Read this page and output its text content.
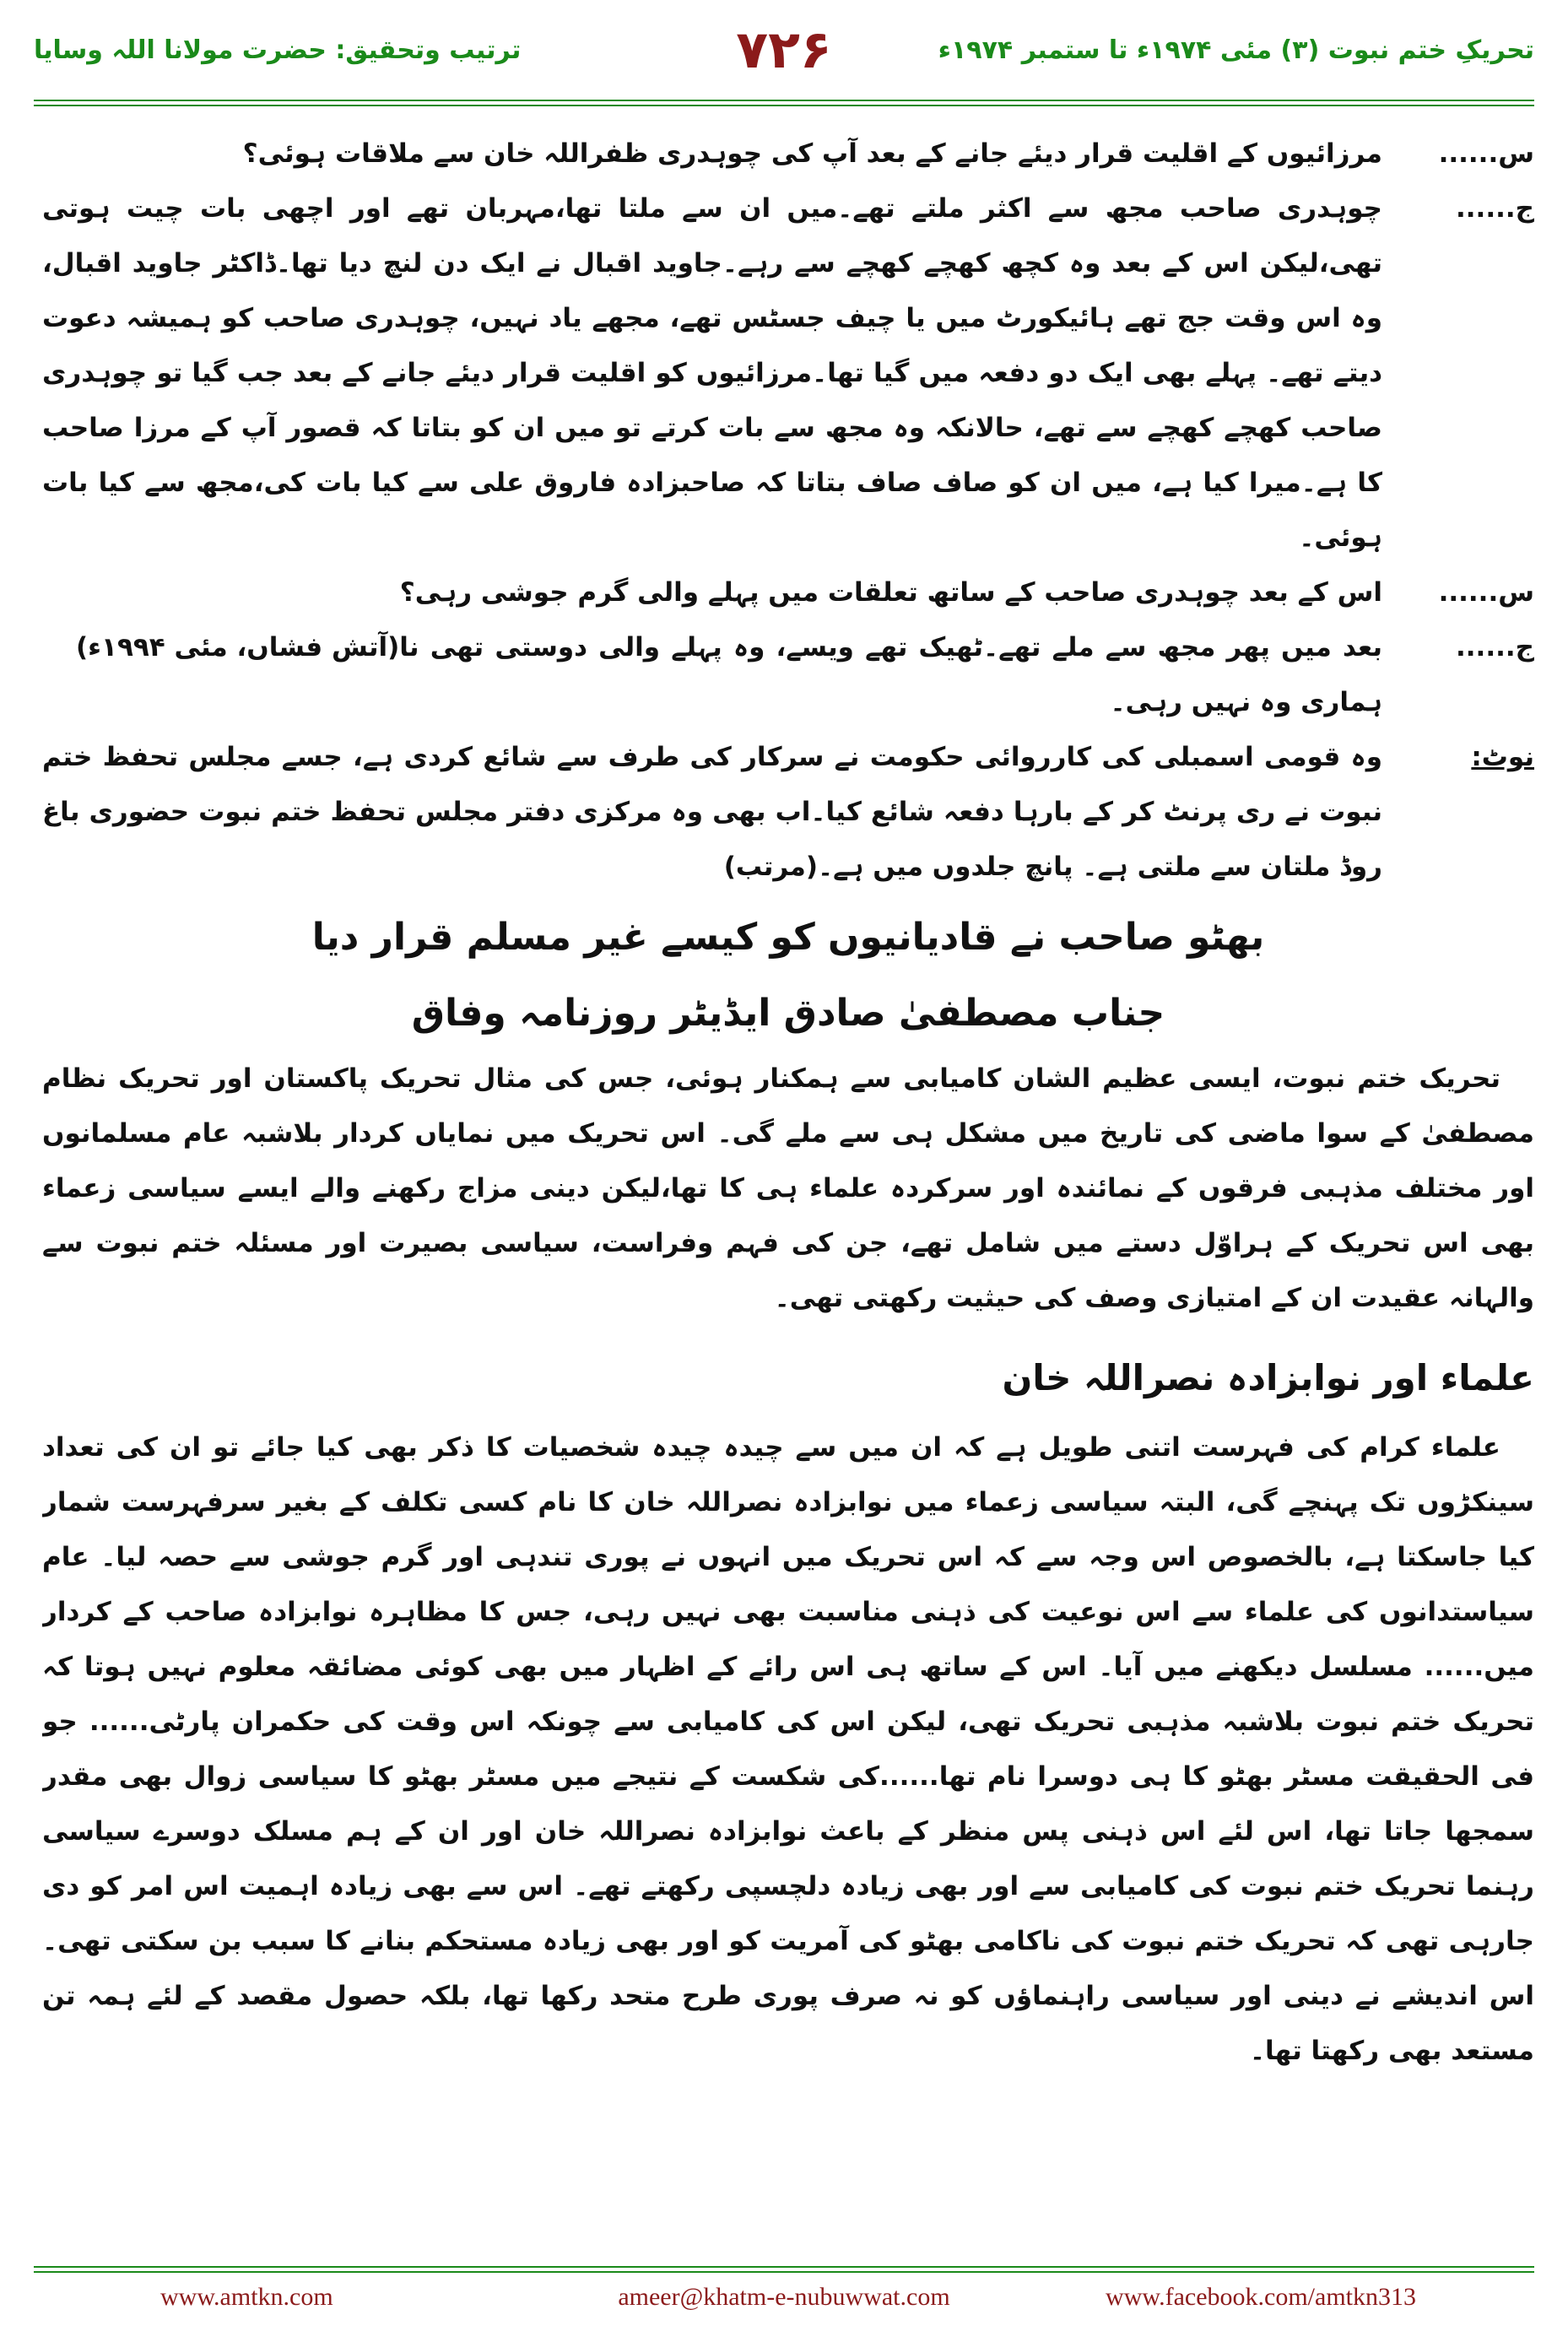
تحریکِ ختم نبوت (۳) مئی ۱۹۷۴ء تا ستمبر ۱۹۷۴ء
۷۲۶
ترتیب وتحقیق: حضرت مولانا اللہ وسایا
س......
مرزائیوں کے اقلیت قرار دیئے جانے کے بعد آپ کی چوہدری ظفراللہ خان سے ملاقات ہوئی؟
ج......
چوہدری صاحب مجھ سے اکثر ملتے تھے۔میں ان سے ملتا تھا،مہربان تھے اور اچھی بات چیت ہوتی تھی،لیکن اس کے بعد وہ کچھ کھچے کھچے سے رہے۔جاوید اقبال نے ایک دن لنچ دیا تھا۔ڈاکٹر جاوید اقبال، وہ اس وقت جج تھے ہائیکورٹ میں یا چیف جسٹس تھے، مجھے یاد نہیں، چوہدری صاحب کو ہمیشہ دعوت دیتے تھے۔ پہلے بھی ایک دو دفعہ میں گیا تھا۔مرزائیوں کو اقلیت قرار دیئے جانے کے بعد جب گیا تو چوہدری صاحب کھچے کھچے سے تھے، حالانکہ وہ مجھ سے بات کرتے تو میں ان کو بتاتا کہ قصور آپ کے مرزا صاحب کا ہے۔میرا کیا ہے، میں ان کو صاف صاف بتاتا کہ صاحبزادہ فاروق علی سے کیا بات کی،مجھ سے کیا بات ہوئی۔
س......
اس کے بعد چوہدری صاحب کے ساتھ تعلقات میں پہلے والی گرم جوشی رہی؟
ج......
بعد میں پھر مجھ سے ملے تھے۔ٹھیک تھے ویسے، وہ پہلے والی دوستی تھی نا ہماری وہ نہیں رہی۔
(آتش فشاں، مئی ۱۹۹۴ء)
نوٹ:
وہ قومی اسمبلی کی کارروائی حکومت نے سرکار کی طرف سے شائع کردی ہے، جسے مجلس تحفظ ختم نبوت نے ری پرنٹ کر کے بارہا دفعہ شائع کیا۔اب بھی وہ مرکزی دفتر مجلس تحفظ ختم نبوت حضوری باغ روڈ ملتان سے ملتی ہے۔ پانچ جلدوں میں ہے۔(مرتب)
بھٹو صاحب نے قادیانیوں کو کیسے غیر مسلم قرار دیا
جناب مصطفیٰ صادق ایڈیٹر روزنامہ وفاق
تحریک ختم نبوت، ایسی عظیم الشان کامیابی سے ہمکنار ہوئی، جس کی مثال تحریک پاکستان اور تحریک نظام مصطفیٰ کے سوا ماضی کی تاریخ میں مشکل ہی سے ملے گی۔ اس تحریک میں نمایاں کردار بلاشبہ عام مسلمانوں اور مختلف مذہبی فرقوں کے نمائندہ اور سرکردہ علماء ہی کا تھا،لیکن دینی مزاج رکھنے والے ایسے سیاسی زعماء بھی اس تحریک کے ہراوّل دستے میں شامل تھے، جن کی فہم وفراست، سیاسی بصیرت اور مسئلہ ختم نبوت سے والہانہ عقیدت ان کے امتیازی وصف کی حیثیت رکھتی تھی۔
علماء اور نوابزادہ نصراللہ خان
علماء کرام کی فہرست اتنی طویل ہے کہ ان میں سے چیدہ چیدہ شخصیات کا ذکر بھی کیا جائے تو ان کی تعداد سینکڑوں تک پہنچے گی، البتہ سیاسی زعماء میں نوابزادہ نصراللہ خان کا نام کسی تکلف کے بغیر سرفہرست شمار کیا جاسکتا ہے، بالخصوص اس وجہ سے کہ اس تحریک میں انہوں نے پوری تندہی اور گرم جوشی سے حصہ لیا۔ عام سیاستدانوں کی علماء سے اس نوعیت کی ذہنی مناسبت بھی نہیں رہی، جس کا مظاہرہ نوابزادہ صاحب کے کردار میں...... مسلسل دیکھنے میں آیا۔ اس کے ساتھ ہی اس رائے کے اظہار میں بھی کوئی مضائقہ معلوم نہیں ہوتا کہ تحریک ختم نبوت بلاشبہ مذہبی تحریک تھی، لیکن اس کی کامیابی سے چونکہ اس وقت کی حکمران پارٹی...... جو فی الحقیقت مسٹر بھٹو کا ہی دوسرا نام تھا......کی شکست کے نتیجے میں مسٹر بھٹو کا سیاسی زوال بھی مقدر سمجھا جاتا تھا، اس لئے اس ذہنی پس منظر کے باعث نوابزادہ نصراللہ خان اور ان کے ہم مسلک دوسرے سیاسی رہنما تحریک ختم نبوت کی کامیابی سے اور بھی زیادہ دلچسپی رکھتے تھے۔ اس سے بھی زیادہ اہمیت اس امر کو دی جارہی تھی کہ تحریک ختم نبوت کی ناکامی بھٹو کی آمریت کو اور بھی زیادہ مستحکم بنانے کا سبب بن سکتی تھی۔ اس اندیشے نے دینی اور سیاسی راہنماؤں کو نہ صرف پوری طرح متحد رکھا تھا، بلکہ حصول مقصد کے لئے ہمہ تن مستعد بھی رکھتا تھا۔
www.amtkn.com	ameer@khatm-e-nubuwwat.com	www.facebook.com/amtkn313
